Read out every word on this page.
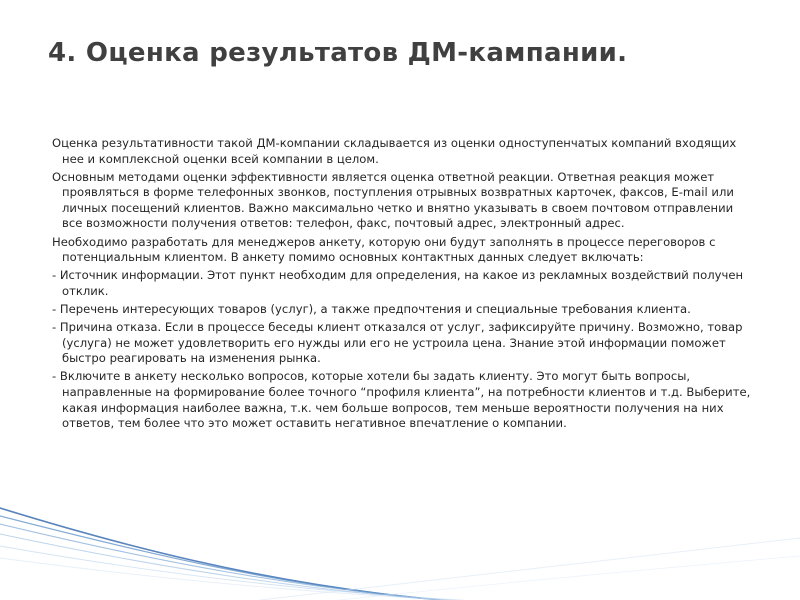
4. Оценка результатов ДМ-кампании.

Оценка результативности такой ДМ-компании складывается из оценки одноступенчатых компаний входящих нее и комплексной оценки всей компании в целом.

Основным методами оценки эффективности является оценка ответной реакции. Ответная реакция может проявляться в форме телефонных звонков, поступления отрывных возвратных карточек, факсов, E-mail или личных посещений клиентов. Важно максимально четко и внятно указывать в своем почтовом отправлении все возможности получения ответов: телефон, факс, почтовый адрес, электронный адрес.

Необходимо разработать для менеджеров анкету, которую они будут заполнять в процессе переговоров с потенциальным клиентом. В анкету помимо основных контактных данных следует включать:

- Источник информации. Этот пункт необходим для определения, на какое из рекламных воздействий получен отклик.

- Перечень интересующих товаров (услуг), а также предпочтения и специальные требования клиента.

- Причина отказа. Если в процессе беседы клиент отказался от услуг, зафиксируйте причину. Возможно, товар (услуга) не может удовлетворить его нужды или его не устроила цена. Знание этой информации поможет быстро реагировать на изменения рынка.

- Включите в анкету несколько вопросов, которые хотели бы задать клиенту. Это могут быть вопросы, направленные на формирование более точного “профиля клиента”, на потребности клиентов и т.д. Выберите, какая информация наиболее важна, т.к. чем больше вопросов, тем меньше вероятности получения на них ответов, тем более что это может оставить негативное впечатление о компании.
